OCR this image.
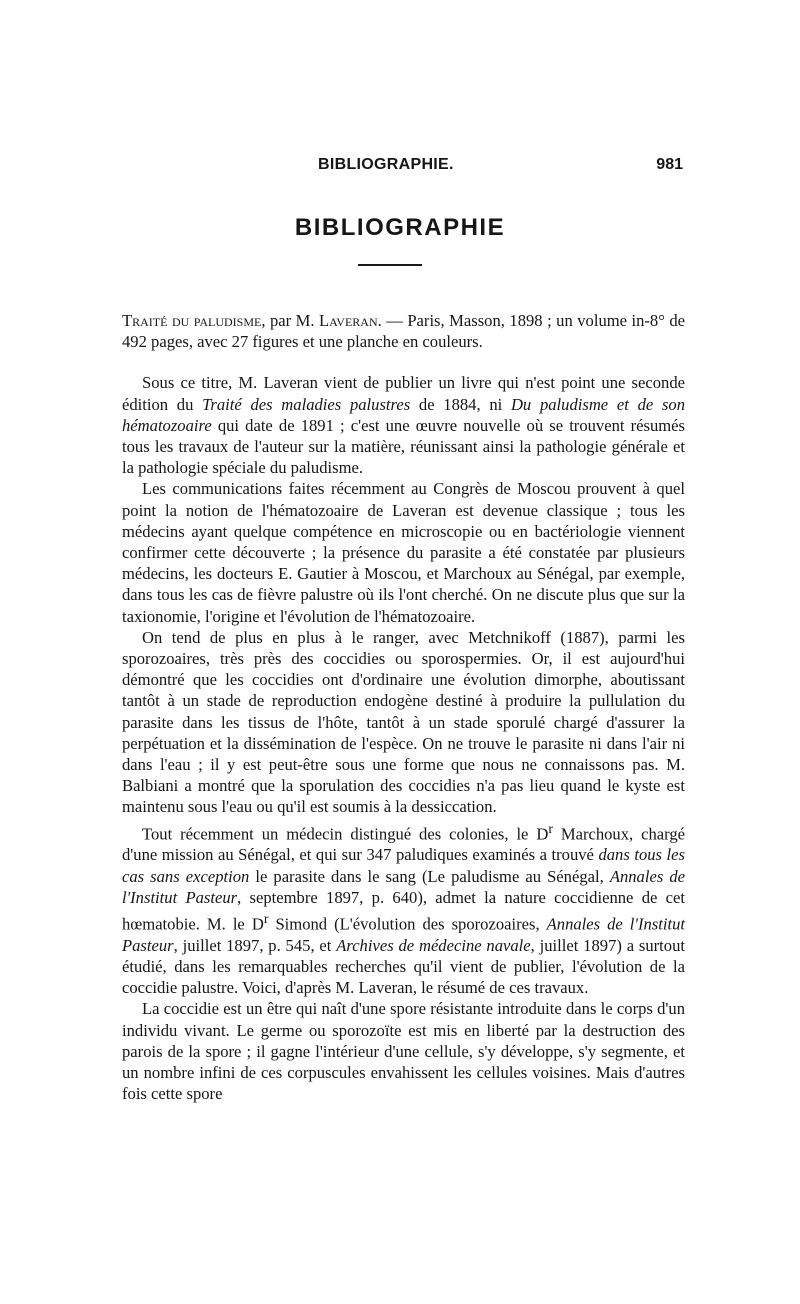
BIBLIOGRAPHIE.	981
BIBLIOGRAPHIE

Traité du paludisme, par M. Laveran. — Paris, Masson, 1898 ; un volume in-8° de 492 pages, avec 27 figures et une planche en couleurs.

Sous ce titre, M. Laveran vient de publier un livre qui n'est point une seconde édition du Traité des maladies palustres de 1884, ni Du paludisme et de son hématozoaire qui date de 1891 ; c'est une œuvre nouvelle où se trouvent résumés tous les travaux de l'auteur sur la matière, réunissant ainsi la pathologie générale et la pathologie spéciale du paludisme.

Les communications faites récemment au Congrès de Moscou prouvent à quel point la notion de l'hématozoaire de Laveran est devenue classique ; tous les médecins ayant quelque compétence en microscopie ou en bactériologie viennent confirmer cette découverte ; la présence du parasite a été constatée par plusieurs médecins, les docteurs E. Gautier à Moscou, et Marchoux au Sénégal, par exemple, dans tous les cas de fièvre palustre où ils l'ont cherché. On ne discute plus que sur la taxionomie, l'origine et l'évolution de l'hématozoaire.

On tend de plus en plus à le ranger, avec Metchnikoff (1887), parmi les sporozoaires, très près des coccidies ou sporospermies. Or, il est aujourd'hui démontré que les coccidies ont d'ordinaire une évolution dimorphe, aboutissant tantôt à un stade de reproduction endogène destiné à produire la pullulation du parasite dans les tissus de l'hôte, tantôt à un stade sporulé chargé d'assurer la perpétuation et la dissémination de l'espèce. On ne trouve le parasite ni dans l'air ni dans l'eau ; il y est peut-être sous une forme que nous ne connaissons pas. M. Balbiani a montré que la sporulation des coccidies n'a pas lieu quand le kyste est maintenu sous l'eau ou qu'il est soumis à la dessiccation.

Tout récemment un médecin distingué des colonies, le $D^r$ Marchoux, chargé d'une mission au Sénégal, et qui sur 347 paludiques examinés a trouvé dans tous les cas sans exception le parasite dans le sang (Le paludisme au Sénégal, Annales de l'Institut Pasteur, septembre 1897, p. 640), admet la nature coccidienne de cet hœmatobie. M. le $D^r$ Simond (L'évolution des sporozoaires, Annales de l'Institut Pasteur, juillet 1897, p. 545, et Archives de médecine navale, juillet 1897) a surtout étudié, dans les remarquables recherches qu'il vient de publier, l'évolution de la coccidie palustre. Voici, d'après M. Laveran, le résumé de ces travaux.

La coccidie est un être qui naît d'une spore résistante introduite dans le corps d'un individu vivant. Le germe ou sporozoïte est mis en liberté par la destruction des parois de la spore ; il gagne l'intérieur d'une cellule, s'y développe, s'y segmente, et un nombre infini de ces corpuscules envahissent les cellules voisines. Mais d'autres fois cette spore
